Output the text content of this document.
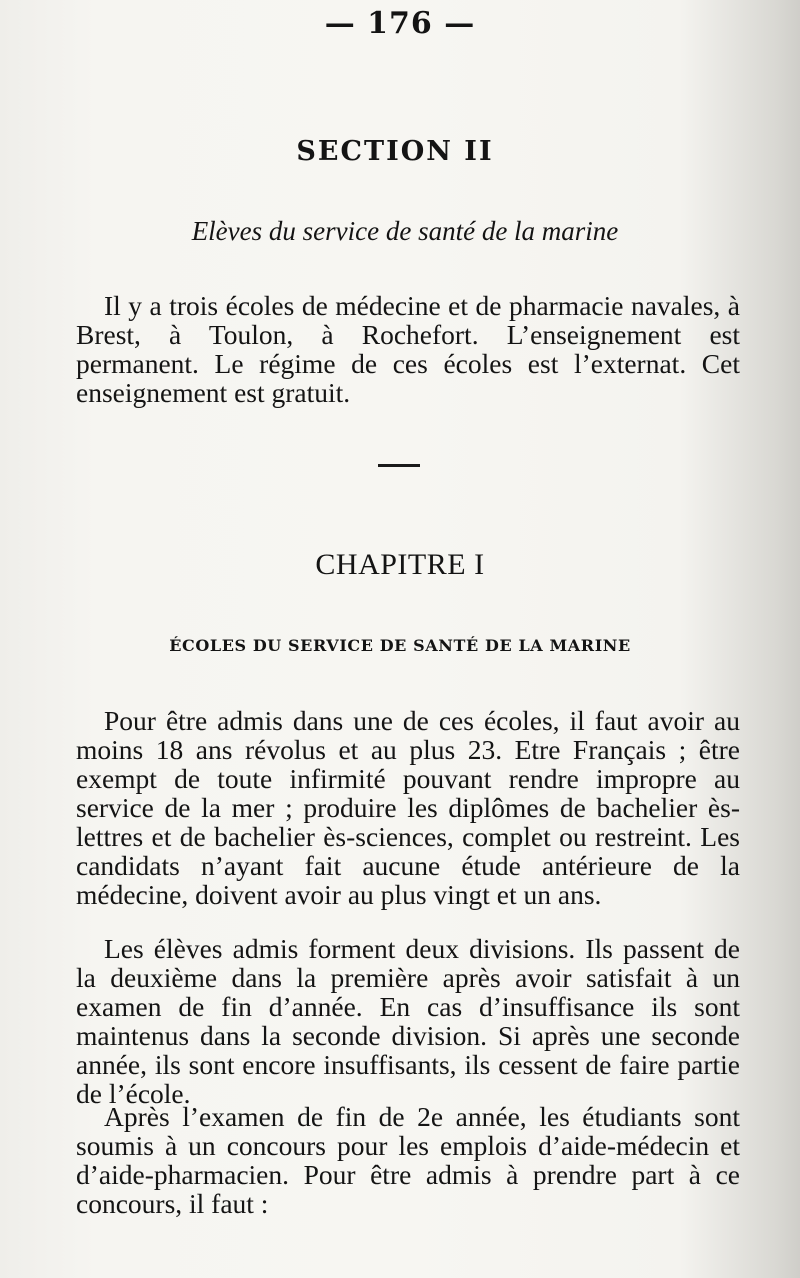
— 176 —
SECTION II
Elèves du service de santé de la marine

Il y a trois écoles de médecine et de pharmacie navales, à Brest, à Toulon, à Rochefort. L’enseignement est permanent. Le régime de ces écoles est l’externat. Cet enseignement est gratuit.

CHAPITRE I
ÉCOLES DU SERVICE DE SANTÉ DE LA MARINE

Pour être admis dans une de ces écoles, il faut avoir au moins 18 ans révolus et au plus 23. Etre Français ; être exempt de toute infirmité pouvant rendre impropre au service de la mer ; produire les diplômes de bachelier ès-lettres et de bachelier ès-sciences, complet ou restreint. Les candidats n’ayant fait aucune étude antérieure de la médecine, doivent avoir au plus vingt et un ans.

Les élèves admis forment deux divisions. Ils passent de la deuxième dans la première après avoir satisfait à un examen de fin d’année. En cas d’insuffisance ils sont maintenus dans la seconde division. Si après une seconde année, ils sont encore insuffisants, ils cessent de faire partie de l’école.

Après l’examen de fin de 2e année, les étudiants sont soumis à un concours pour les emplois d’aide-médecin et d’aide-pharmacien. Pour être admis à prendre part à ce concours, il faut :
